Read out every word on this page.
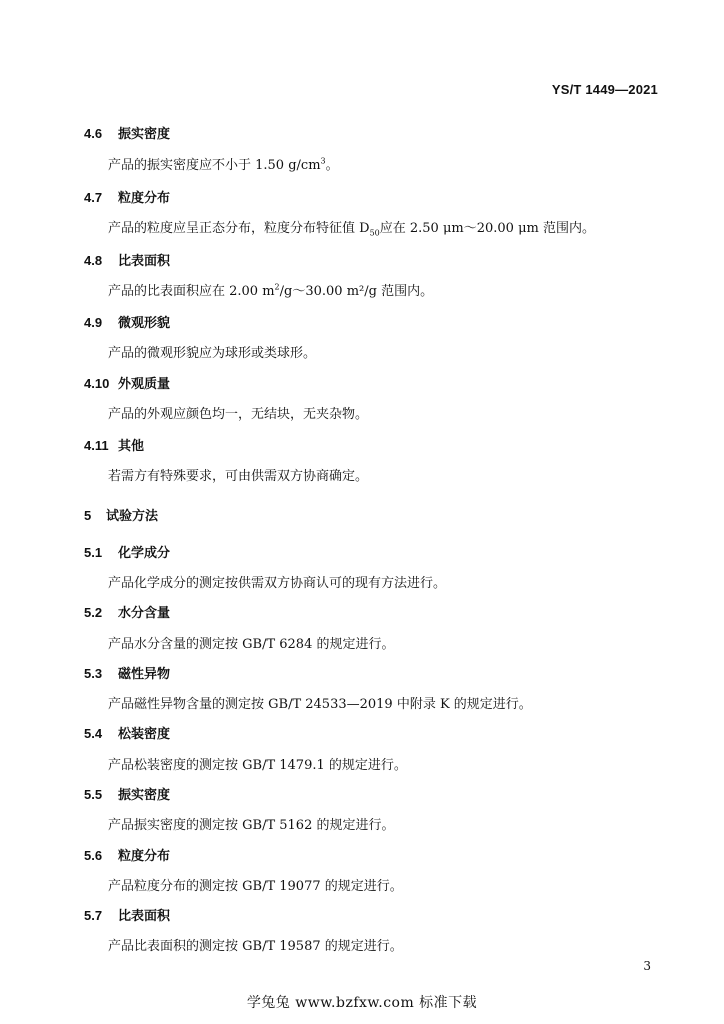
YS/T 1449—2021
4.6 振实密度
产品的振实密度应不小于 1.50 $g/cm^3$。
4.7 粒度分布
产品的粒度应呈正态分布，粒度分布特征值 $D_{50}$应在 2.50 μm～20.00 μm 范围内。
4.8 比表面积
产品的比表面积应在 2.00 $m^2/g\sim 30.00$ m²/g 范围内。
4.9 微观形貌
产品的微观形貌应为球形或类球形。
4.10 外观质量
产品的外观应颜色均一，无结块，无夹杂物。
4.11 其他
若需方有特殊要求，可由供需双方协商确定。
5 试验方法
5.1 化学成分
产品化学成分的测定按供需双方协商认可的现有方法进行。
5.2 水分含量
产品水分含量的测定按 GB/T 6284 的规定进行。
5.3 磁性异物
产品磁性异物含量的测定按 GB/T 24533—2019 中附录 K 的规定进行。
5.4 松装密度
产品松装密度的测定按 GB/T 1479.1 的规定进行。
5.5 振实密度
产品振实密度的测定按 GB/T 5162 的规定进行。
5.6 粒度分布
产品粒度分布的测定按 GB/T 19077 的规定进行。
5.7 比表面积
产品比表面积的测定按 GB/T 19587 的规定进行。
3
学兔兔 www.bzfxw.com 标准下载
